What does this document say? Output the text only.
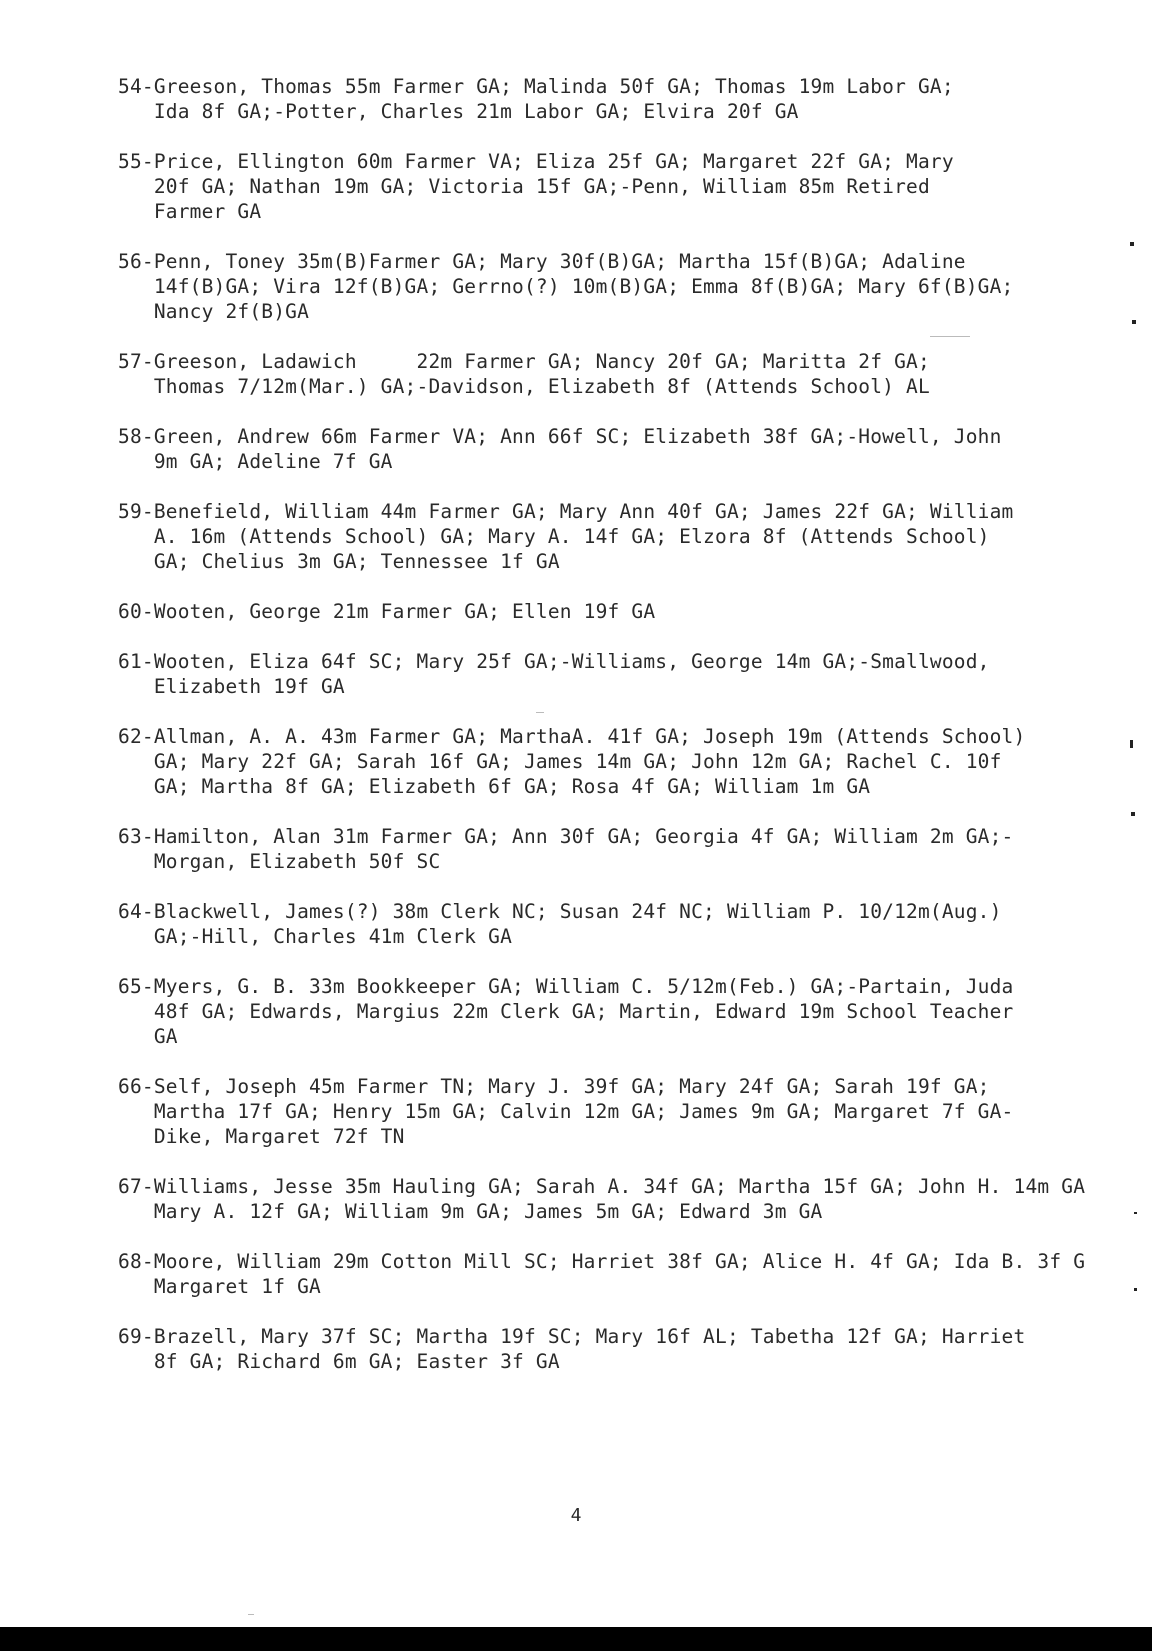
54-Greeson, Thomas 55m Farmer GA; Malinda 50f GA; Thomas 19m Labor GA;
Ida 8f GA;-Potter, Charles 21m Labor GA; Elvira 20f GA
55-Price, Ellington 60m Farmer VA; Eliza 25f GA; Margaret 22f GA; Mary
20f GA; Nathan 19m GA; Victoria 15f GA;-Penn, William 85m Retired
Farmer GA
56-Penn, Toney 35m(B)Farmer GA; Mary 30f(B)GA; Martha 15f(B)GA; Adaline
14f(B)GA; Vira 12f(B)GA; Gerrno(?) 10m(B)GA; Emma 8f(B)GA; Mary 6f(B)GA;
Nancy 2f(B)GA
57-Greeson, Ladawich     22m Farmer GA; Nancy 20f GA; Maritta 2f GA;
Thomas 7/12m(Mar.) GA;-Davidson, Elizabeth 8f (Attends School) AL
58-Green, Andrew 66m Farmer VA; Ann 66f SC; Elizabeth 38f GA;-Howell, John
9m GA; Adeline 7f GA
59-Benefield, William 44m Farmer GA; Mary Ann 40f GA; James 22f GA; William
A. 16m (Attends School) GA; Mary A. 14f GA; Elzora 8f (Attends School)
GA; Chelius 3m GA; Tennessee 1f GA
60-Wooten, George 21m Farmer GA; Ellen 19f GA
61-Wooten, Eliza 64f SC; Mary 25f GA;-Williams, George 14m GA;-Smallwood,
Elizabeth 19f GA
62-Allman, A. A. 43m Farmer GA; MarthaA. 41f GA; Joseph 19m (Attends School)
GA; Mary 22f GA; Sarah 16f GA; James 14m GA; John 12m GA; Rachel C. 10f
GA; Martha 8f GA; Elizabeth 6f GA; Rosa 4f GA; William 1m GA
63-Hamilton, Alan 31m Farmer GA; Ann 30f GA; Georgia 4f GA; William 2m GA;-
Morgan, Elizabeth 50f SC
64-Blackwell, James(?) 38m Clerk NC; Susan 24f NC; William P. 10/12m(Aug.)
GA;-Hill, Charles 41m Clerk GA
65-Myers, G. B. 33m Bookkeeper GA; William C. 5/12m(Feb.) GA;-Partain, Juda
48f GA; Edwards, Margius 22m Clerk GA; Martin, Edward 19m School Teacher
GA
66-Self, Joseph 45m Farmer TN; Mary J. 39f GA; Mary 24f GA; Sarah 19f GA;
Martha 17f GA; Henry 15m GA; Calvin 12m GA; James 9m GA; Margaret 7f GA-
Dike, Margaret 72f TN
67-Williams, Jesse 35m Hauling GA; Sarah A. 34f GA; Martha 15f GA; John H. 14m GA
Mary A. 12f GA; William 9m GA; James 5m GA; Edward 3m GA
68-Moore, William 29m Cotton Mill SC; Harriet 38f GA; Alice H. 4f GA; Ida B. 3f G
Margaret 1f GA
69-Brazell, Mary 37f SC; Martha 19f SC; Mary 16f AL; Tabetha 12f GA; Harriet
8f GA; Richard 6m GA; Easter 3f GA
4
